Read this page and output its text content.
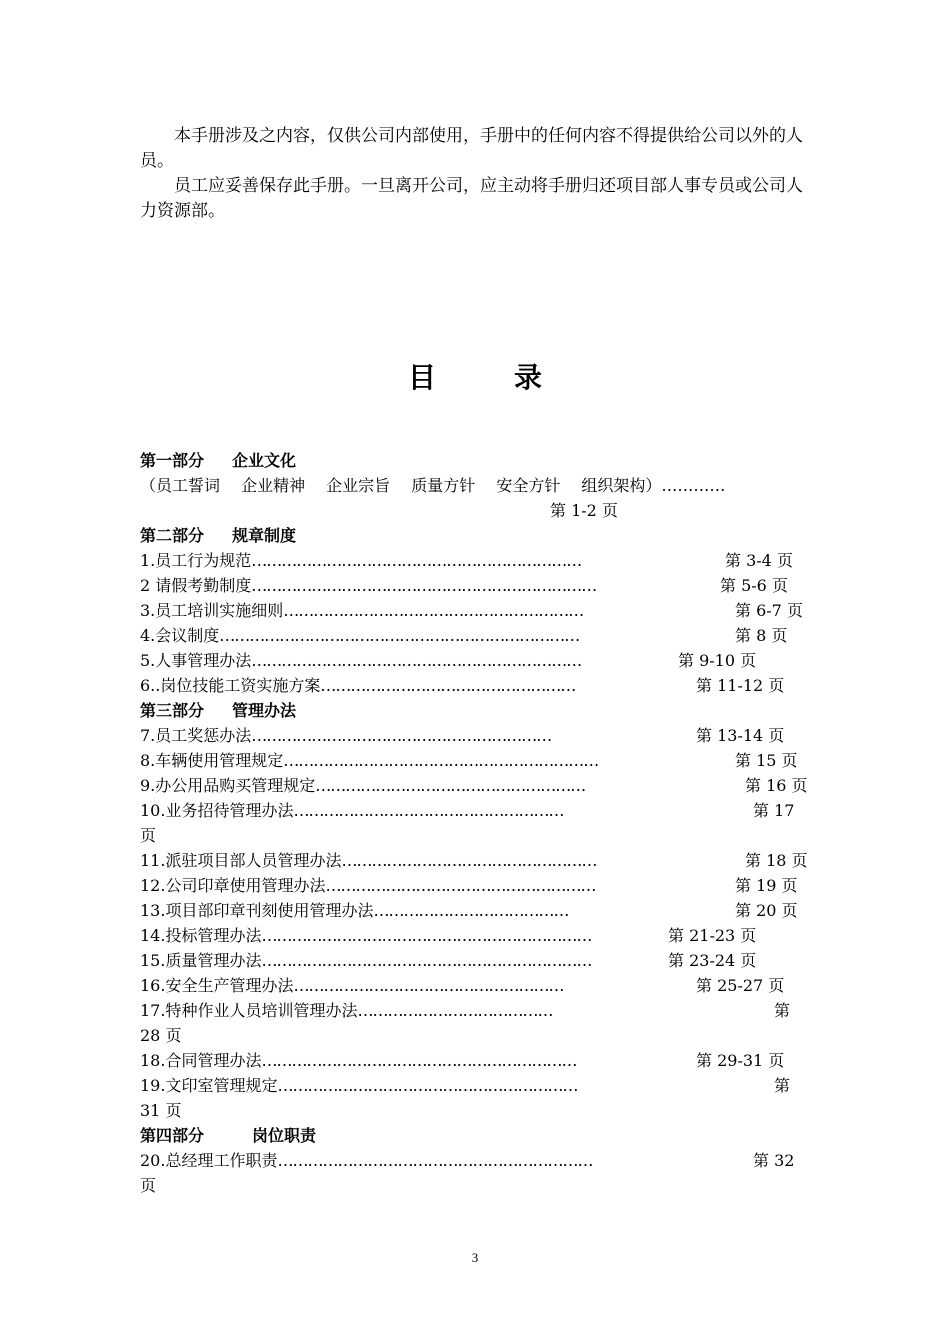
本手册涉及之内容，仅供公司内部使用，手册中的任何内容不得提供给公司以外的人员。

员工应妥善保存此手册。一旦离开公司，应主动将手册归还项目部人事专员或公司人力资源部。

目	录
第一部分 企业文化
（员工誓词　 企业精神　 企业宗旨　 质量方针　 安全方针　 组织架构）…………
第 1-2 页
第二部分 规章制度
1.员工行为规范…………………………………………………………	第 3-4 页
2 请假考勤制度……………………………………………………………	第 5-6 页
3.员工培训实施细则……………………………………………………	第 6-7 页
4.会议制度………………………………………………………………	第 8 页
5.人事管理办法…………………………………………………………	第 9-10 页
6..岗位技能工资实施方案……………………………………………	第 11-12 页
第三部分 管理办法
7.员工奖惩办法……………………………………………………	第 13-14 页
8.车辆使用管理规定………………………………………………………	第 15 页
9.办公用品购买管理规定………………………………………………	第 16 页
10.业务招待管理办法………………………………………………	第 17
页
11.派驻项目部人员管理办法……………………………………………	第 18 页
12.公司印章使用管理办法………………………………………………	第 19 页
13.项目部印章刊刻使用管理办法…………………………………	第 20 页
14.投标管理办法…………………………………………………………	第 21-23 页
15.质量管理办法…………………………………………………………	第 23-24 页
16.安全生产管理办法………………………………………………	第 25-27 页
17.特种作业人员培训管理办法…………………………………	第
28 页
18.合同管理办法………………………………………………………	第 29-31 页
19.文印室管理规定……………………………………………………	第
31 页
第四部分	岗位职责
20.总经理工作职责………………………………………………………	第 32
页
3
